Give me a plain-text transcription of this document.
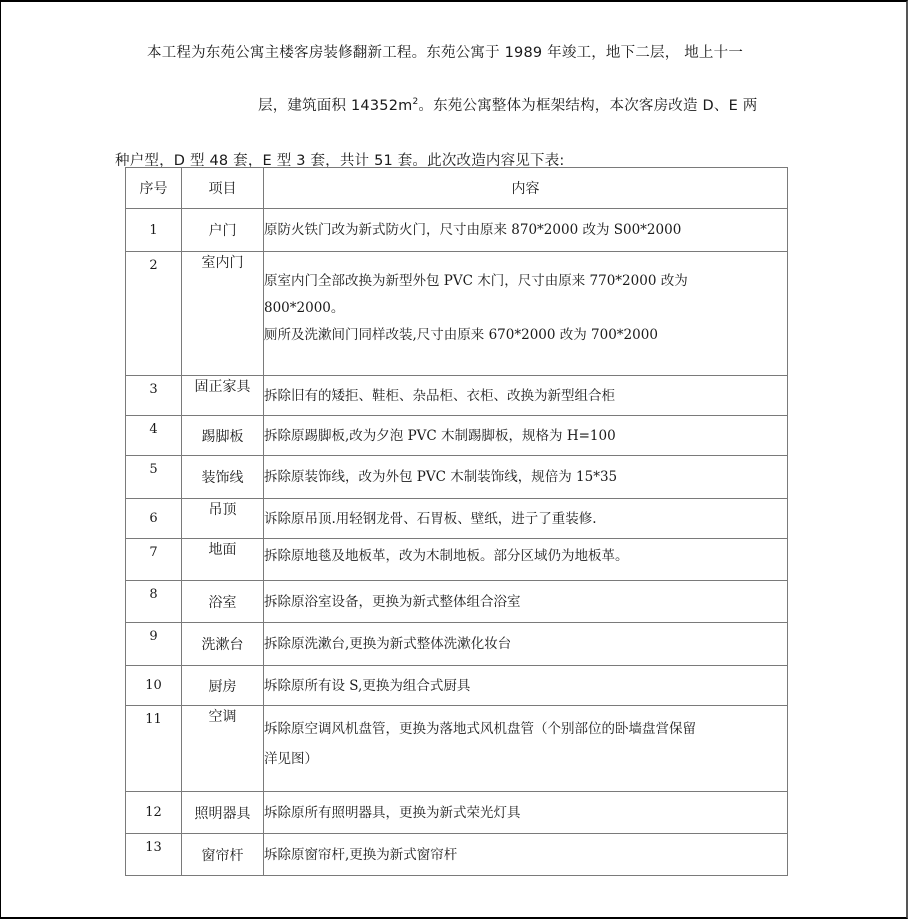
本工程为东苑公寓主楼客房装修翻新工程。东苑公寓于 1989 年竣工，地下二层， 地上十一
层，建筑面积 $14352m^2$。东苑公寓整体为框架结构，本次客房改造 D、E 两
种户型，D 型 48 套，E 型 3 套，共计 51 套。此次改造内容见下表:
序号	项目	内容
1	户门	原防火铁门改为新式防火门，尺寸由原来 870*2000 改为 S00*2000

2	室内门	原室内门全部改换为新型外包 PVC 木门，尺寸由原来 770*2000 改为
800*2000。
厕所及洗漱间门同样改装,尺寸由原来 670*2000 改为 700*2000

3	固正家具	拆除旧有的矮拒、鞋柜、杂品柜、衣柜、改换为新型组合柜

4	踢脚板	拆除原踢脚板,改为夕泡 PVC 木制踢脚板，规格为 H=100

5	装饰线	拆除原装饰线，改为外包 PVC 木制装饰线，规倍为 15*35

6	吊顶	诉除原吊顶.用轻钢龙骨、石胃板、壁纸，进亍了重装修.

7	地面	拆除原地毯及地板革，改为木制地板。部分区域仍为地板革。

8	浴室	拆除原浴室设备，更换为新式整体组合浴室

9	洗漱台	拆除原洗漱台,更换为新式整体洗漱化妆台

10	厨房	坼除原所有设 S,更换为组合式厨具

11	空调	坼除原空调风机盘管，更换为落地式风机盘管（个别部位的卧墙盘営保留
洋见图）

12	照明器具	坼除原所有照明器具，更换为新式荣光灯具

13	窗帘杆	坼除原窗帘杆,更换为新式窗帘杆
